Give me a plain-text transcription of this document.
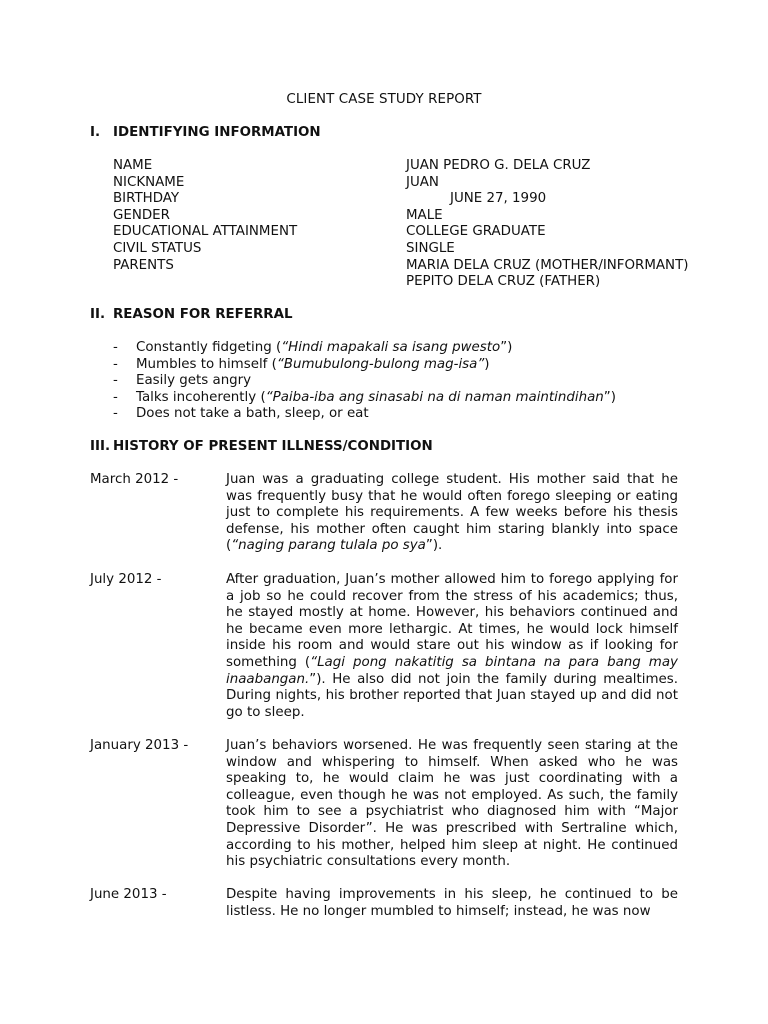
CLIENT CASE STUDY REPORT
I. IDENTIFYING INFORMATION
NAME	JUAN PEDRO G. DELA CRUZ
NICKNAME	JUAN
BIRTHDAY	JUNE 27, 1990
GENDER	MALE
EDUCATIONAL ATTAINMENT	COLLEGE GRADUATE
CIVIL STATUS	SINGLE
PARENTS	MARIA DELA CRUZ (MOTHER/INFORMANT)
PEPITO DELA CRUZ (FATHER)
II. REASON FOR REFERRAL
- Constantly fidgeting (“Hindi mapakali sa isang pwesto”)
- Mumbles to himself (“Bumubulong-bulong mag-isa”)
- Easily gets angry
- Talks incoherently (“Paiba-iba ang sinasabi na di naman maintindihan”)
- Does not take a bath, sleep, or eat
III. HISTORY OF PRESENT ILLNESS/CONDITION
March 2012 -	Juan was a graduating college student. His mother said that he was frequently busy that he would often forego sleeping or eating just to complete his requirements. A few weeks before his thesis defense, his mother often caught him staring blankly into space (“naging parang tulala po sya”).
July 2012 -	After graduation, Juan’s mother allowed him to forego applying for a job so he could recover from the stress of his academics; thus, he stayed mostly at home. However, his behaviors continued and he became even more lethargic. At times, he would lock himself inside his room and would stare out his window as if looking for something (“Lagi pong nakatitig sa bintana na para bang may inaabangan.”). He also did not join the family during mealtimes. During nights, his brother reported that Juan stayed up and did not go to sleep.
January 2013 -	Juan’s behaviors worsened. He was frequently seen staring at the window and whispering to himself. When asked who he was speaking to, he would claim he was just coordinating with a colleague, even though he was not employed. As such, the family took him to see a psychiatrist who diagnosed him with “Major Depressive Disorder”. He was prescribed with Sertraline which, according to his mother, helped him sleep at night. He continued his psychiatric consultations every month.
June 2013 -	Despite having improvements in his sleep, he continued to be listless. He no longer mumbled to himself; instead, he was now
